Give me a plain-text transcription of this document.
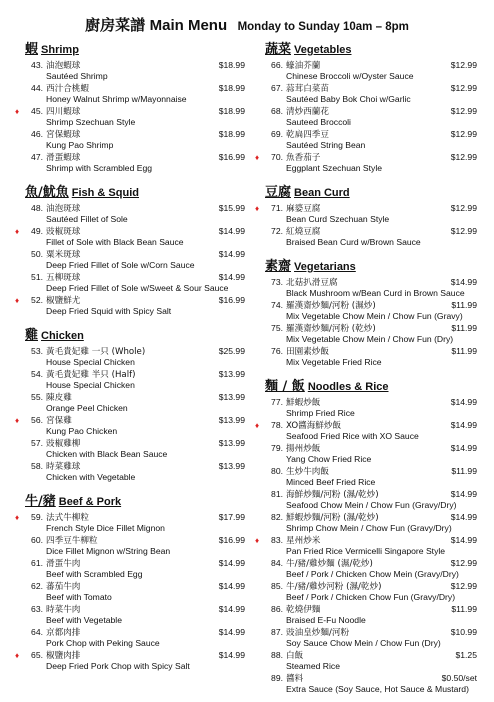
廚房菜譜 Main Menu Monday to Sunday 10am – 8pm
蝦 Shrimp
43. 油泡蝦球	$18.99
Sautéed Shrimp
44. 西汁合桃蝦	$18.99
Honey Walnut Shrimp w/Mayonnaise
♦ 45. 四川蝦球	$18.99
Shrimp Szechuan Style
46. 宮保蝦球	$18.99
Kung Pao Shrimp
47. 滑蛋蝦球	$16.99
Shrimp with Scrambled Egg
魚/魷魚 Fish & Squid
48. 油泡斑球	$15.99
Sautéed Fillet of Sole
♦ 49. 豉椒斑球	$14.99
Fillet of Sole with Black Bean Sauce
50. 粟米斑球	$14.99
Deep Fried Fillet of Sole w/Corn Sauce
51. 五柳斑球	$14.99
Deep Fried Fillet of Sole w/Sweet & Sour Sauce
♦ 52. 椒鹽鮮尤	$16.99
Deep Fried Squid with Spicy Salt
雞 Chicken
53. 黃毛貴妃雞 一只 (Whole)	$25.99
House Special Chicken
54. 黃毛貴妃雞 半只 (Half)	$13.99
House Special Chicken
55. 陳皮雞	$13.99
Orange Peel Chicken
♦ 56. 宮保雞	$13.99
Kung Pao Chicken
57. 豉椒雞柳	$13.99
Chicken with Black Bean Sauce
58. 時菜雞球	$13.99
Chicken with Vegetable
牛/豬 Beef & Pork
♦ 59. 法式牛柳粒	$17.99
French Style Dice Fillet Mignon
60. 四季豆牛柳粒	$16.99
Dice Fillet Mignon w/String Bean
61. 滑蛋牛肉	$14.99
Beef with Scrambled Egg
62. 蕃茄牛肉	$14.99
Beef with Tomato
63. 時菜牛肉	$14.99
Beef with Vegetable
64. 京都肉排	$14.99
Pork Chop with Peking Sauce
♦ 65. 椒鹽肉排	$14.99
Deep Fried Pork Chop with Spicy Salt
蔬菜 Vegetables
66. 蠔油芥蘭	$12.99
Chinese Broccoli w/Oyster Sauce
67. 蒜茸白菜苗	$12.99
Sautéed Baby Bok Choi w/Garlic
68. 清炒西蘭花	$12.99
Sauteed Broccoli
69. 乾扁四季豆	$12.99
Sautéed String Bean
♦ 70. 魚香茄子	$12.99
Eggplant Szechuan Style
豆腐 Bean Curd
♦ 71. 麻婆豆腐	$12.99
Bean Curd Szechuan Style
72. 紅燒豆腐	$12.99
Braised Bean Curd w/Brown Sauce
素齋 Vegetarians
73. 北菇扒滑豆腐	$14.99
Black Mushroom w/Bean Curd in Brown Sauce
74. 羅漢齋炒麵/河粉 (濕炒)	$11.99
Mix Vegetable Chow Mein / Chow Fun (Gravy)
75. 羅漢齋炒麵/河粉 (乾炒)	$11.99
Mix Vegetable Chow Mein / Chow Fun (Dry)
76. 田園素炒飯	$11.99
Mix Vegetable Fried Rice
麵 / 飯 Noodles & Rice
77. 鮮蝦炒飯	$14.99
Shrimp Fried Rice
♦ 78. XO醬海鮮炒飯	$14.99
Seafood Fried Rice with XO Sauce
79. 揚州炒飯	$14.99
Yang Chow Fried Rice
80. 生炒牛肉飯	$11.99
Minced Beef Fried Rice
81. 海鮮炒麵/河粉 (濕/乾炒)	$14.99
Seafood Chow Mein / Chow Fun (Gravy/Dry)
82. 鮮蝦炒麵/河粉 (濕/乾炒)	$14.99
Shrimp Chow Mein / Chow Fun (Gravy/Dry)
♦ 83. 星州炒米	$14.99
Pan Fried Rice Vermicelli Singapore Style
84. 牛/豬/雞炒麵 (濕/乾炒)	$12.99
Beef / Pork / Chicken Chow Mein (Gravy/Dry)
85. 牛/豬/雞炒河粉 (濕/乾炒)	$12.99
Beef / Pork / Chicken Chow Fun (Gravy/Dry)
86. 乾燒伊麵	$11.99
Braised E-Fu Noodle
87. 豉油皇炒麵/河粉	$10.99
Soy Sauce Chow Mein / Chow Fun (Dry)
88. 白飯	$1.25
Steamed Rice
89. 醬料	$0.50/set
Extra Sauce (Soy Sauce, Hot Sauce & Mustard)
